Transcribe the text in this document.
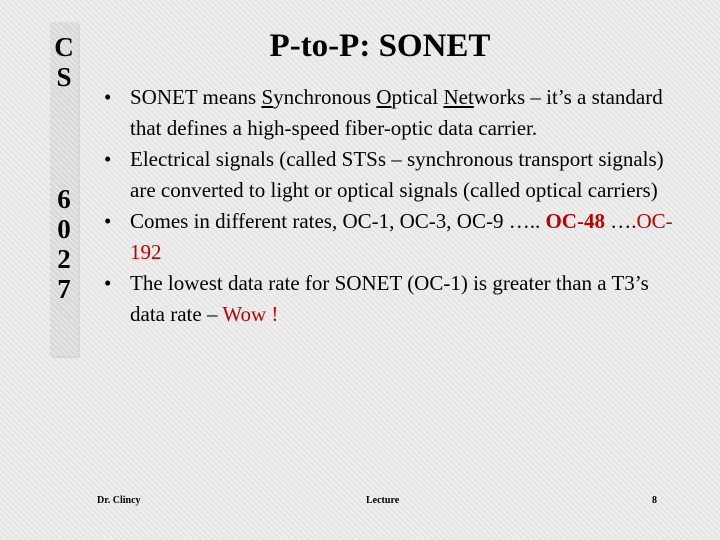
C
S
6
0
2
7
P-to-P: SONET
• SONET means Synchronous Optical Networks – it’s a standard that defines a high-speed fiber-optic data carrier.
• Electrical signals (called STSs – synchronous transport signals) are converted to light or optical signals (called optical carriers)
• Comes in different rates, OC-1, OC-3, OC-9 ….. OC-48 ….OC-192
• The lowest data rate for SONET (OC-1) is greater than a T3’s data rate – Wow !
Dr. Clincy	Lecture	8
